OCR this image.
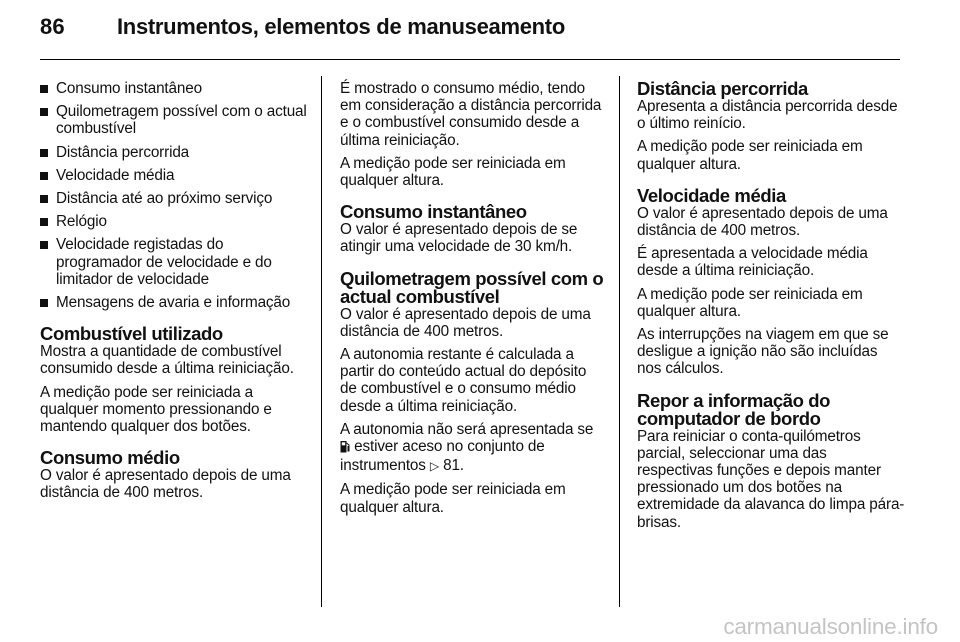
86 Instrumentos, elementos de manuseamento
Consumo instantâneo
Quilometragem possível com o actual combustível
Distância percorrida
Velocidade média
Distância até ao próximo serviço
Relógio
Velocidade registadas do programador de velocidade e do limitador de velocidade
Mensagens de avaria e informação
Combustível utilizado

Mostra a quantidade de combustível consumido desde a última reiniciação.

A medição pode ser reiniciada a qualquer momento pressionando e mantendo qualquer dos botões.

Consumo médio

O valor é apresentado depois de uma distância de 400 metros.

É mostrado o consumo médio, tendo em consideração a distância percorrida e o combustível consumido desde a última reiniciação.

A medição pode ser reiniciada em qualquer altura.

Consumo instantâneo

O valor é apresentado depois de se atingir uma velocidade de 30 km/h.

Quilometragem possível com o actual combustível

O valor é apresentado depois de uma distância de 400 metros.

A autonomia restante é calculada a partir do conteúdo actual do depósito de combustível e o consumo médio desde a última reiniciação.

A autonomia não será apresentada se  estiver aceso no conjunto de instrumentos ▷ 81.

A medição pode ser reiniciada em qualquer altura.

Distância percorrida

Apresenta a distância percorrida desde o último reinício.

A medição pode ser reiniciada em qualquer altura.

Velocidade média

O valor é apresentado depois de uma distância de 400 metros.

É apresentada a velocidade média desde a última reiniciação.

A medição pode ser reiniciada em qualquer altura.

As interrupções na viagem em que se desligue a ignição não são incluídas nos cálculos.

Repor a informação do computador de bordo

Para reiniciar o conta-quilómetros parcial, seleccionar uma das respectivas funções e depois manter pressionado um dos botões na extremidade da alavanca do limpa pára-brisas.

carmanualsonline.info
